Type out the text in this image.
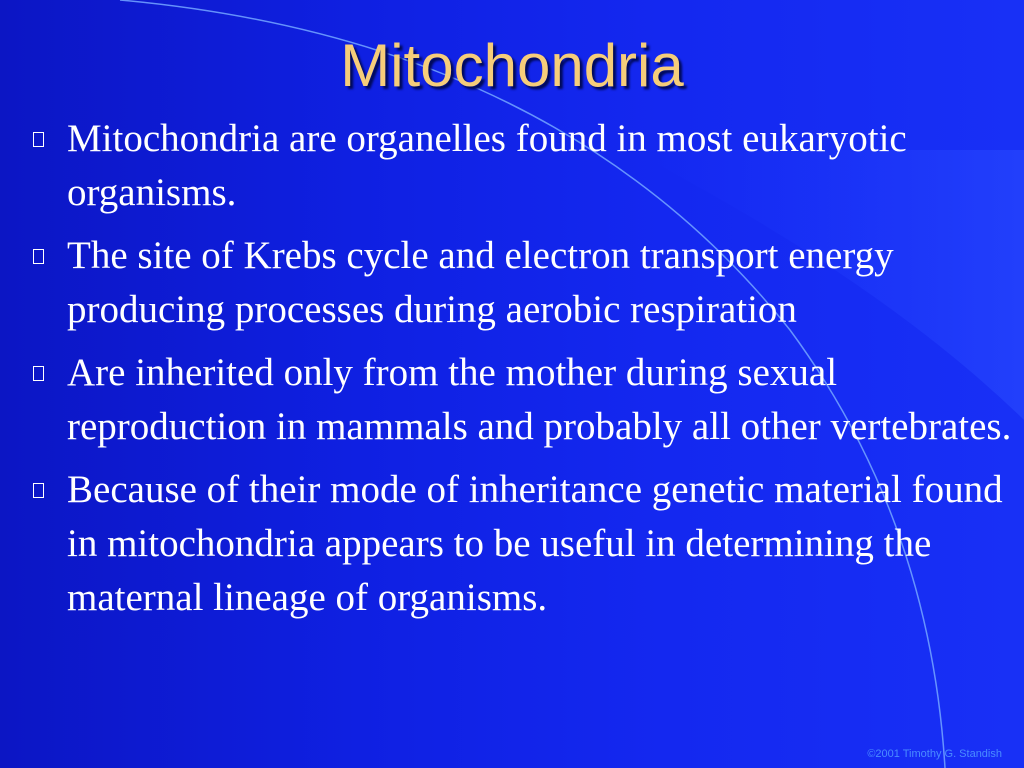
Mitochondria
Mitochondria are organelles found in most eukaryotic organisms.
The site of Krebs cycle and electron transport energy producing processes during aerobic respiration
Are inherited only from the mother during sexual reproduction in mammals and probably all other vertebrates.
Because of their mode of inheritance genetic material found in mitochondria appears to be useful in determining the maternal lineage of organisms.

©2001 Timothy G. Standish
